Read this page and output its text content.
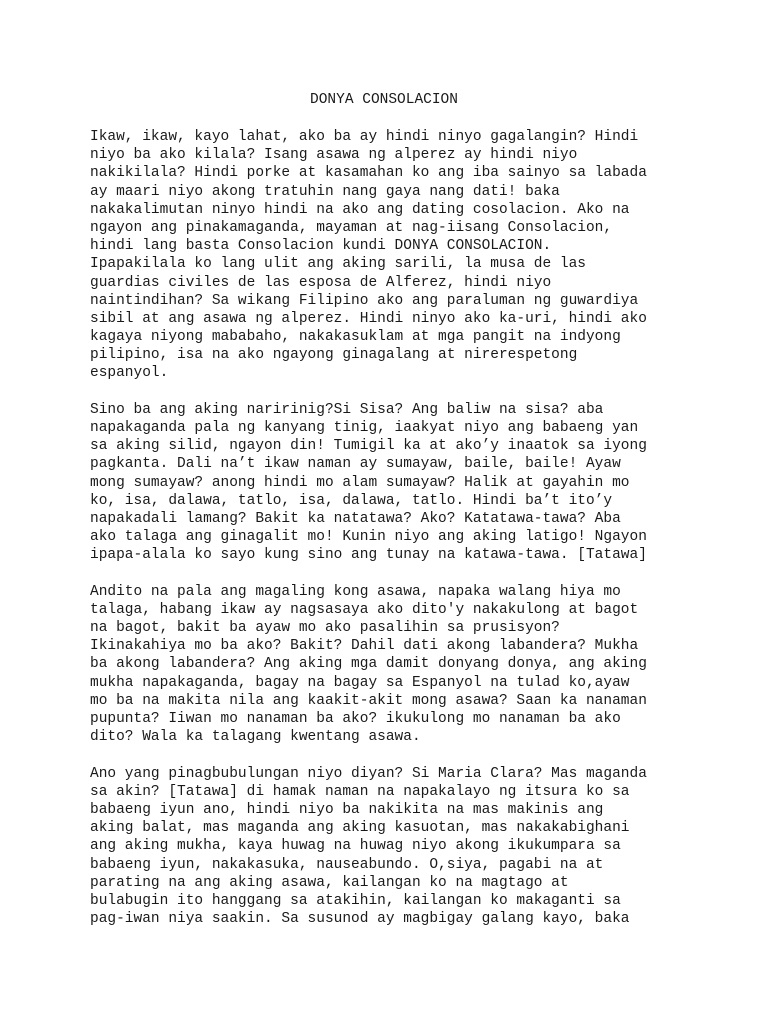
DONYA CONSOLACION
Ikaw, ikaw, kayo lahat, ako ba ay hindi ninyo gagalangin? Hindi
niyo ba ako kilala? Isang asawa ng alperez ay hindi niyo
nakikilala? Hindi porke at kasamahan ko ang iba sainyo sa labada
ay maari niyo akong tratuhin nang gaya nang dati! baka
nakakalimutan ninyo hindi na ako ang dating cosolacion. Ako na
ngayon ang pinakamaganda, mayaman at nag-iisang Consolacion,
hindi lang basta Consolacion kundi DONYA CONSOLACION.
Ipapakilala ko lang ulit ang aking sarili, la musa de las
guardias civiles de las esposa de Alferez, hindi niyo
naintindihan? Sa wikang Filipino ako ang paraluman ng guwardiya
sibil at ang asawa ng alperez. Hindi ninyo ako ka-uri, hindi ako
kagaya niyong mababaho, nakakasuklam at mga pangit na indyong
pilipino, isa na ako ngayong ginagalang at nirerespetong
espanyol.
Sino ba ang aking naririnig?Si Sisa? Ang baliw na sisa? aba
napakaganda pala ng kanyang tinig, iaakyat niyo ang babaeng yan
sa aking silid, ngayon din! Tumigil ka at ako’y inaatok sa iyong
pagkanta. Dali na’t ikaw naman ay sumayaw, baile, baile! Ayaw
mong sumayaw? anong hindi mo alam sumayaw? Halik at gayahin mo
ko, isa, dalawa, tatlo, isa, dalawa, tatlo. Hindi ba’t ito’y
napakadali lamang? Bakit ka natatawa? Ako? Katatawa-tawa? Aba
ako talaga ang ginagalit mo! Kunin niyo ang aking latigo! Ngayon
ipapa-alala ko sayo kung sino ang tunay na katawa-tawa. [Tatawa]
Andito na pala ang magaling kong asawa, napaka walang hiya mo
talaga, habang ikaw ay nagsasaya ako dito'y nakakulong at bagot
na bagot, bakit ba ayaw mo ako pasalihin sa prusisyon?
Ikinakahiya mo ba ako? Bakit? Dahil dati akong labandera? Mukha
ba akong labandera? Ang aking mga damit donyang donya, ang aking
mukha napakaganda, bagay na bagay sa Espanyol na tulad ko,ayaw
mo ba na makita nila ang kaakit-akit mong asawa? Saan ka nanaman
pupunta? Iiwan mo nanaman ba ako? ikukulong mo nanaman ba ako
dito? Wala ka talagang kwentang asawa.
Ano yang pinagbubulungan niyo diyan? Si Maria Clara? Mas maganda
sa akin? [Tatawa] di hamak naman na napakalayo ng itsura ko sa
babaeng iyun ano, hindi niyo ba nakikita na mas makinis ang
aking balat, mas maganda ang aking kasuotan, mas nakakabighani
ang aking mukha, kaya huwag na huwag niyo akong ikukumpara sa
babaeng iyun, nakakasuka, nauseabundo. O,siya, pagabi na at
parating na ang aking asawa, kailangan ko na magtago at
bulabugin ito hanggang sa atakihin, kailangan ko makaganti sa
pag-iwan niya saakin. Sa susunod ay magbigay galang kayo, baka
